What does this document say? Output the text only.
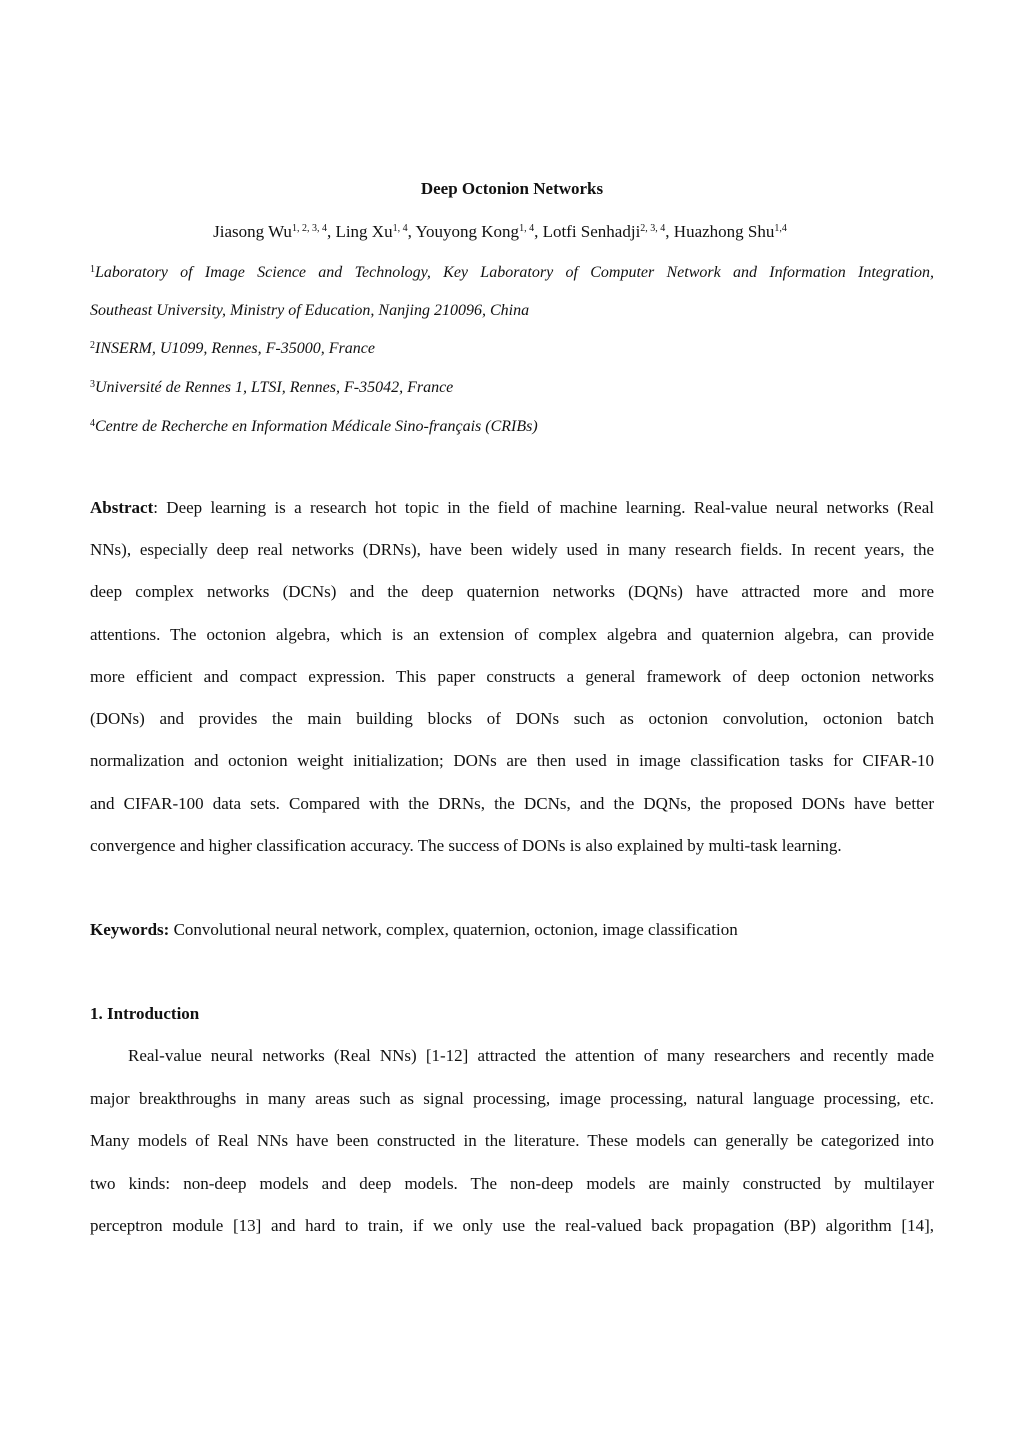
Deep Octonion Networks
Jiasong Wu$^{1, 2, 3, 4}$, Ling Xu$^{1, 4}$, Youyong Kong$^{1, 4}$, Lotfi Senhadji$^{2, 3, 4}$, Huazhong Shu$^{1,4}$
$^1$Laboratory of Image Science and Technology, Key Laboratory of Computer Network and Information Integration,
Southeast University, Ministry of Education, Nanjing 210096, China
$^2$INSERM, U1099, Rennes, F-35000, France
$^3$Université de Rennes 1, LTSI, Rennes, F-35042, France
$^4$Centre de Recherche en Information Médicale Sino-français (CRIBs)
Abstract: Deep learning is a research hot topic in the field of machine learning. Real-value neural networks (Real
NNs), especially deep real networks (DRNs), have been widely used in many research fields. In recent years, the
deep complex networks (DCNs) and the deep quaternion networks (DQNs) have attracted more and more
attentions. The octonion algebra, which is an extension of complex algebra and quaternion algebra, can provide
more efficient and compact expression. This paper constructs a general framework of deep octonion networks
(DONs) and provides the main building blocks of DONs such as octonion convolution, octonion batch
normalization and octonion weight initialization; DONs are then used in image classification tasks for CIFAR-10
and CIFAR-100 data sets. Compared with the DRNs, the DCNs, and the DQNs, the proposed DONs have better
convergence and higher classification accuracy. The success of DONs is also explained by multi-task learning.
Keywords: Convolutional neural network, complex, quaternion, octonion, image classification
1. Introduction
Real-value neural networks (Real NNs) [1-12] attracted the attention of many researchers and recently made
major breakthroughs in many areas such as signal processing, image processing, natural language processing, etc.
Many models of Real NNs have been constructed in the literature. These models can generally be categorized into
two kinds: non-deep models and deep models. The non-deep models are mainly constructed by multilayer
perceptron module [13] and hard to train, if we only use the real-valued back propagation (BP) algorithm [14],
